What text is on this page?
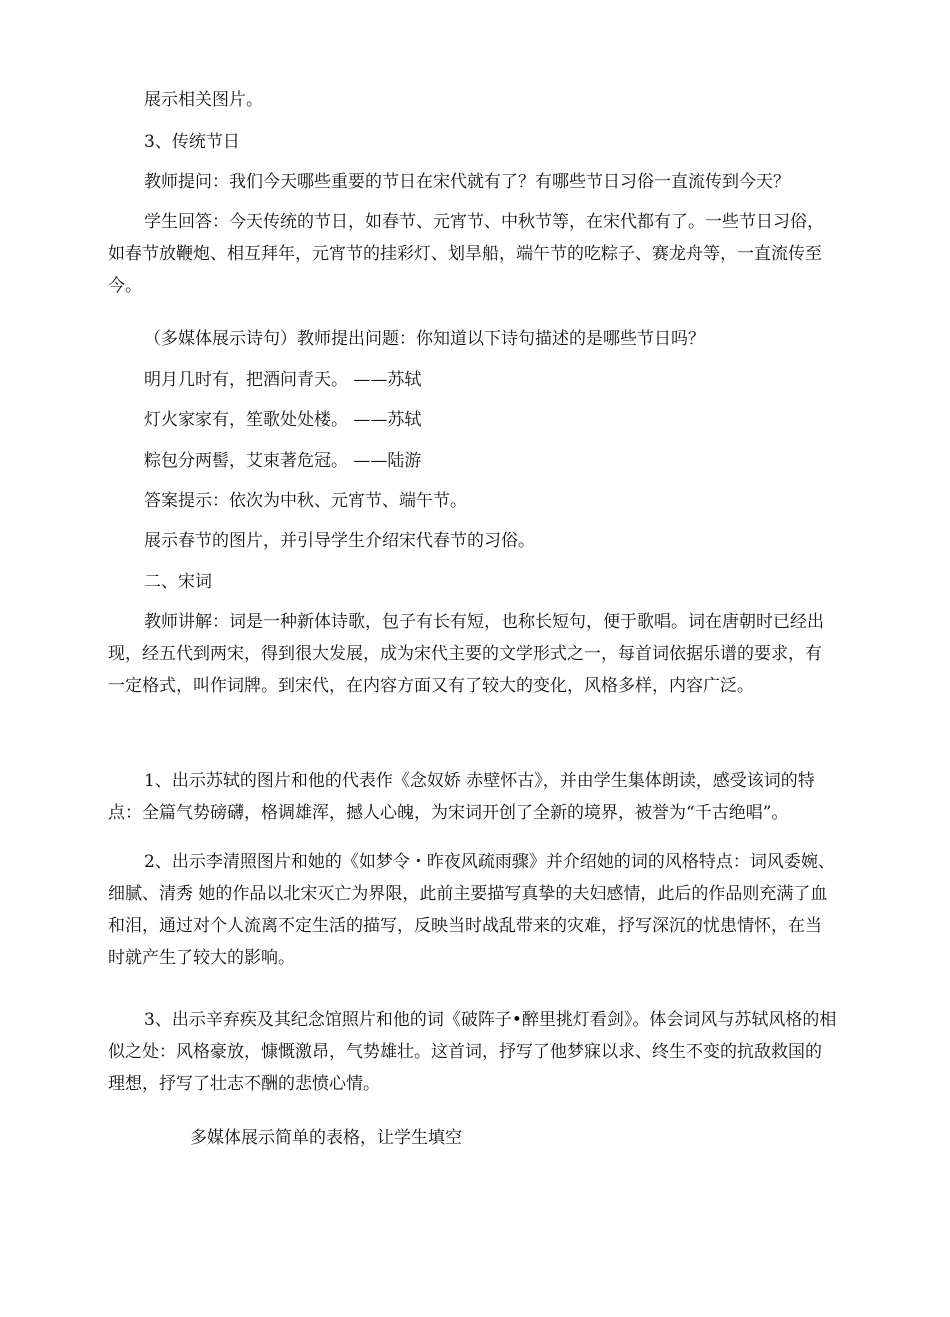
展示相关图片。

3、传统节日

教师提问：我们今天哪些重要的节日在宋代就有了？有哪些节日习俗一直流传到今天？

学生回答：今天传统的节日，如春节、元宵节、中秋节等，在宋代都有了。一些节日习俗，如春节放鞭炮、相互拜年，元宵节的挂彩灯、划旱船，端午节的吃粽子、赛龙舟等，一直流传至今。

（多媒体展示诗句）教师提出问题：你知道以下诗句描述的是哪些节日吗？

明月几时有，把酒问青天。 ——苏轼

灯火家家有，笙歌处处楼。 ——苏轼

粽包分两髻，艾束著危冠。 ——陆游

答案提示：依次为中秋、元宵节、端午节。

展示春节的图片，并引导学生介绍宋代春节的习俗。

二、宋词

教师讲解：词是一种新体诗歌，包子有长有短，也称长短句，便于歌唱。词在唐朝时已经出现，经五代到两宋，得到很大发展，成为宋代主要的文学形式之一，每首词依据乐谱的要求，有一定格式，叫作词牌。到宋代，在内容方面又有了较大的变化，风格多样，内容广泛。

1、出示苏轼的图片和他的代表作《念奴娇 赤壁怀古》，并由学生集体朗读，感受该词的特点：全篇气势磅礴，格调雄浑，撼人心魄，为宋词开创了全新的境界，被誉为“千古绝唱”。

2、出示李清照图片和她的《如梦令・昨夜风疏雨骤》并介绍她的词的风格特点：词风委婉、细腻、清秀 她的作品以北宋灭亡为界限，此前主要描写真挚的夫妇感情，此后的作品则充满了血和泪，通过对个人流离不定生活的描写，反映当时战乱带来的灾难，抒写深沉的忧患情怀，在当时就产生了较大的影响。

3、出示辛弃疾及其纪念馆照片和他的词《破阵子•醉里挑灯看剑》。体会词风与苏轼风格的相似之处：风格豪放，慷慨激昂，气势雄壮。这首词，抒写了他梦寐以求、终生不变的抗敌救国的理想，抒写了壮志不酬的悲愤心情。

多媒体展示简单的表格，让学生填空
